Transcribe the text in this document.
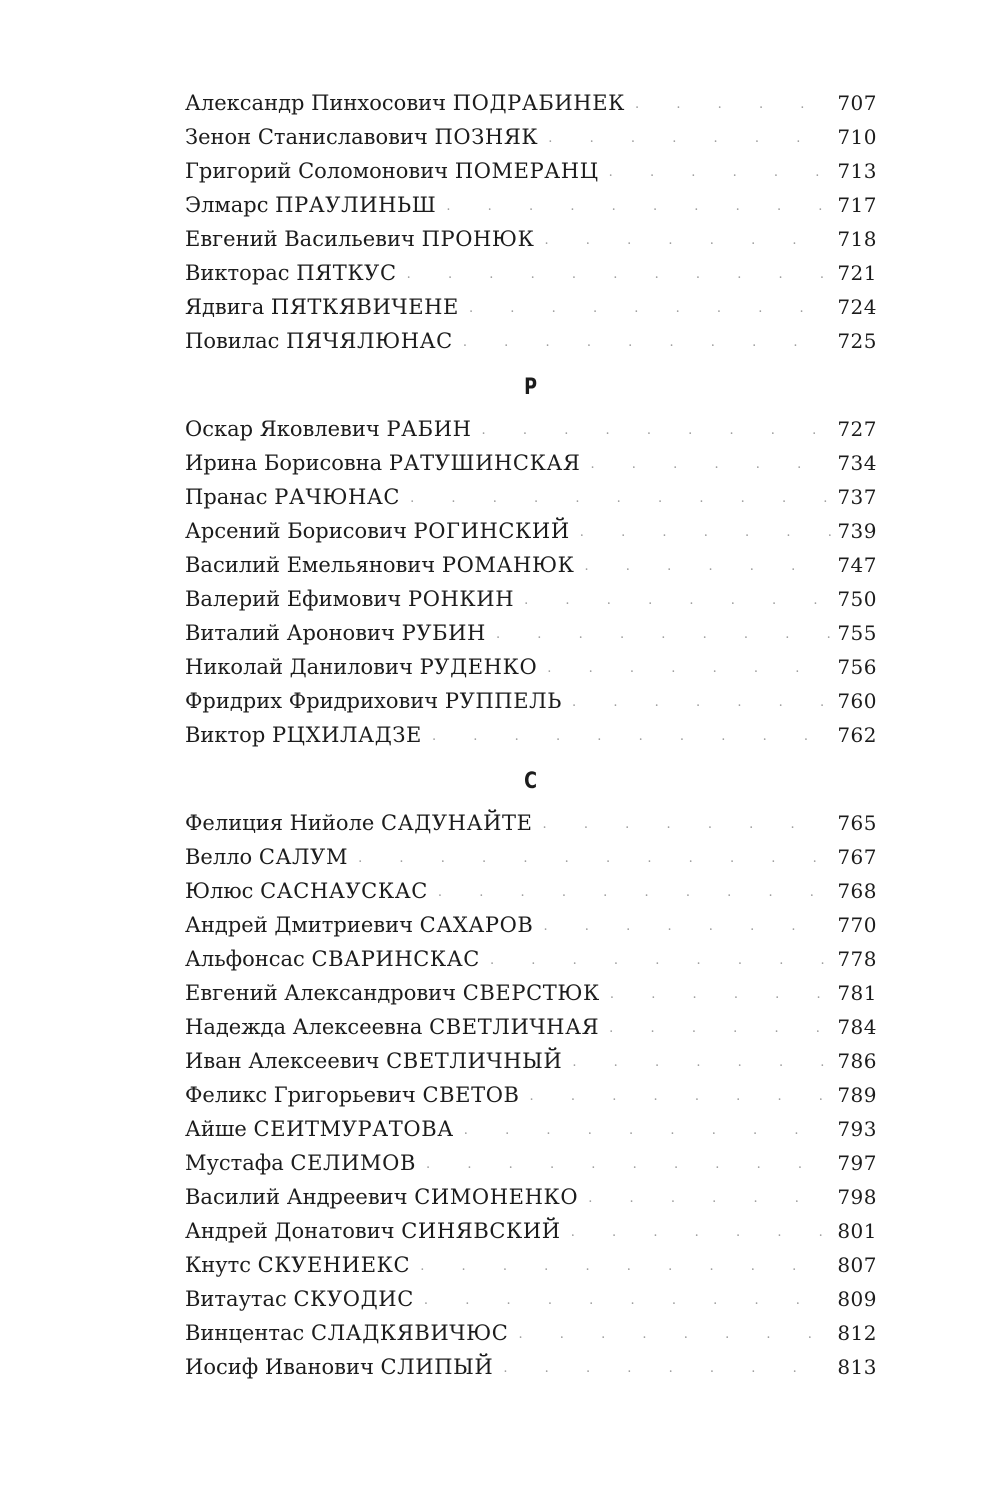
Александр Пинхосович ПОДРАБИНЕК .	707
Зенон Станиславович ПОЗНЯК .	710
Григорий Соломонович ПОМЕРАНЦ .	713
Элмарс ПРАУЛИНЬШ .	717
Евгений Васильевич ПРОНЮК .	718
Викторас ПЯТКУС .	721
Ядвига ПЯТКЯВИЧЕНЕ .	724
Повилас ПЯЧЯЛЮНАС .	725
Р
Оскар Яковлевич РАБИН .	727
Ирина Борисовна РАТУШИНСКАЯ .	734
Пранас РАЧЮНАС .	737
Арсений Борисович РОГИНСКИЙ .	739
Василий Емельянович РОМАНЮК .	747
Валерий Ефимович РОНКИН .	750
Виталий Аронович РУБИН .	755
Николай Данилович РУДЕНКО .	756
Фридрих Фридрихович РУППЕЛЬ .	760
Виктор РЦХИЛАДЗЕ .	762
С
Фелиция Нийоле САДУНАЙТЕ .	765
Велло САЛУМ .	767
Юлюс САСНАУСКАС .	768
Андрей Дмитриевич САХАРОВ .	770
Альфонсас СВАРИНСКАС .	778
Евгений Александрович СВЕРСТЮК .	781
Надежда Алексеевна СВЕТЛИЧНАЯ .	784
Иван Алексеевич СВЕТЛИЧНЫЙ .	786
Феликс Григорьевич СВЕТОВ .	789
Айше СЕИТМУРАТОВА .	793
Мустафа СЕЛИМОВ .	797
Василий Андреевич СИМОНЕНКО .	798
Андрей Донатович СИНЯВСКИЙ .	801
Кнутс СКУЕНИЕКС .	807
Витаутас СКУОДИС .	809
Винцентас СЛАДКЯВИЧЮС .	812
Иосиф Иванович СЛИПЫЙ .	813
